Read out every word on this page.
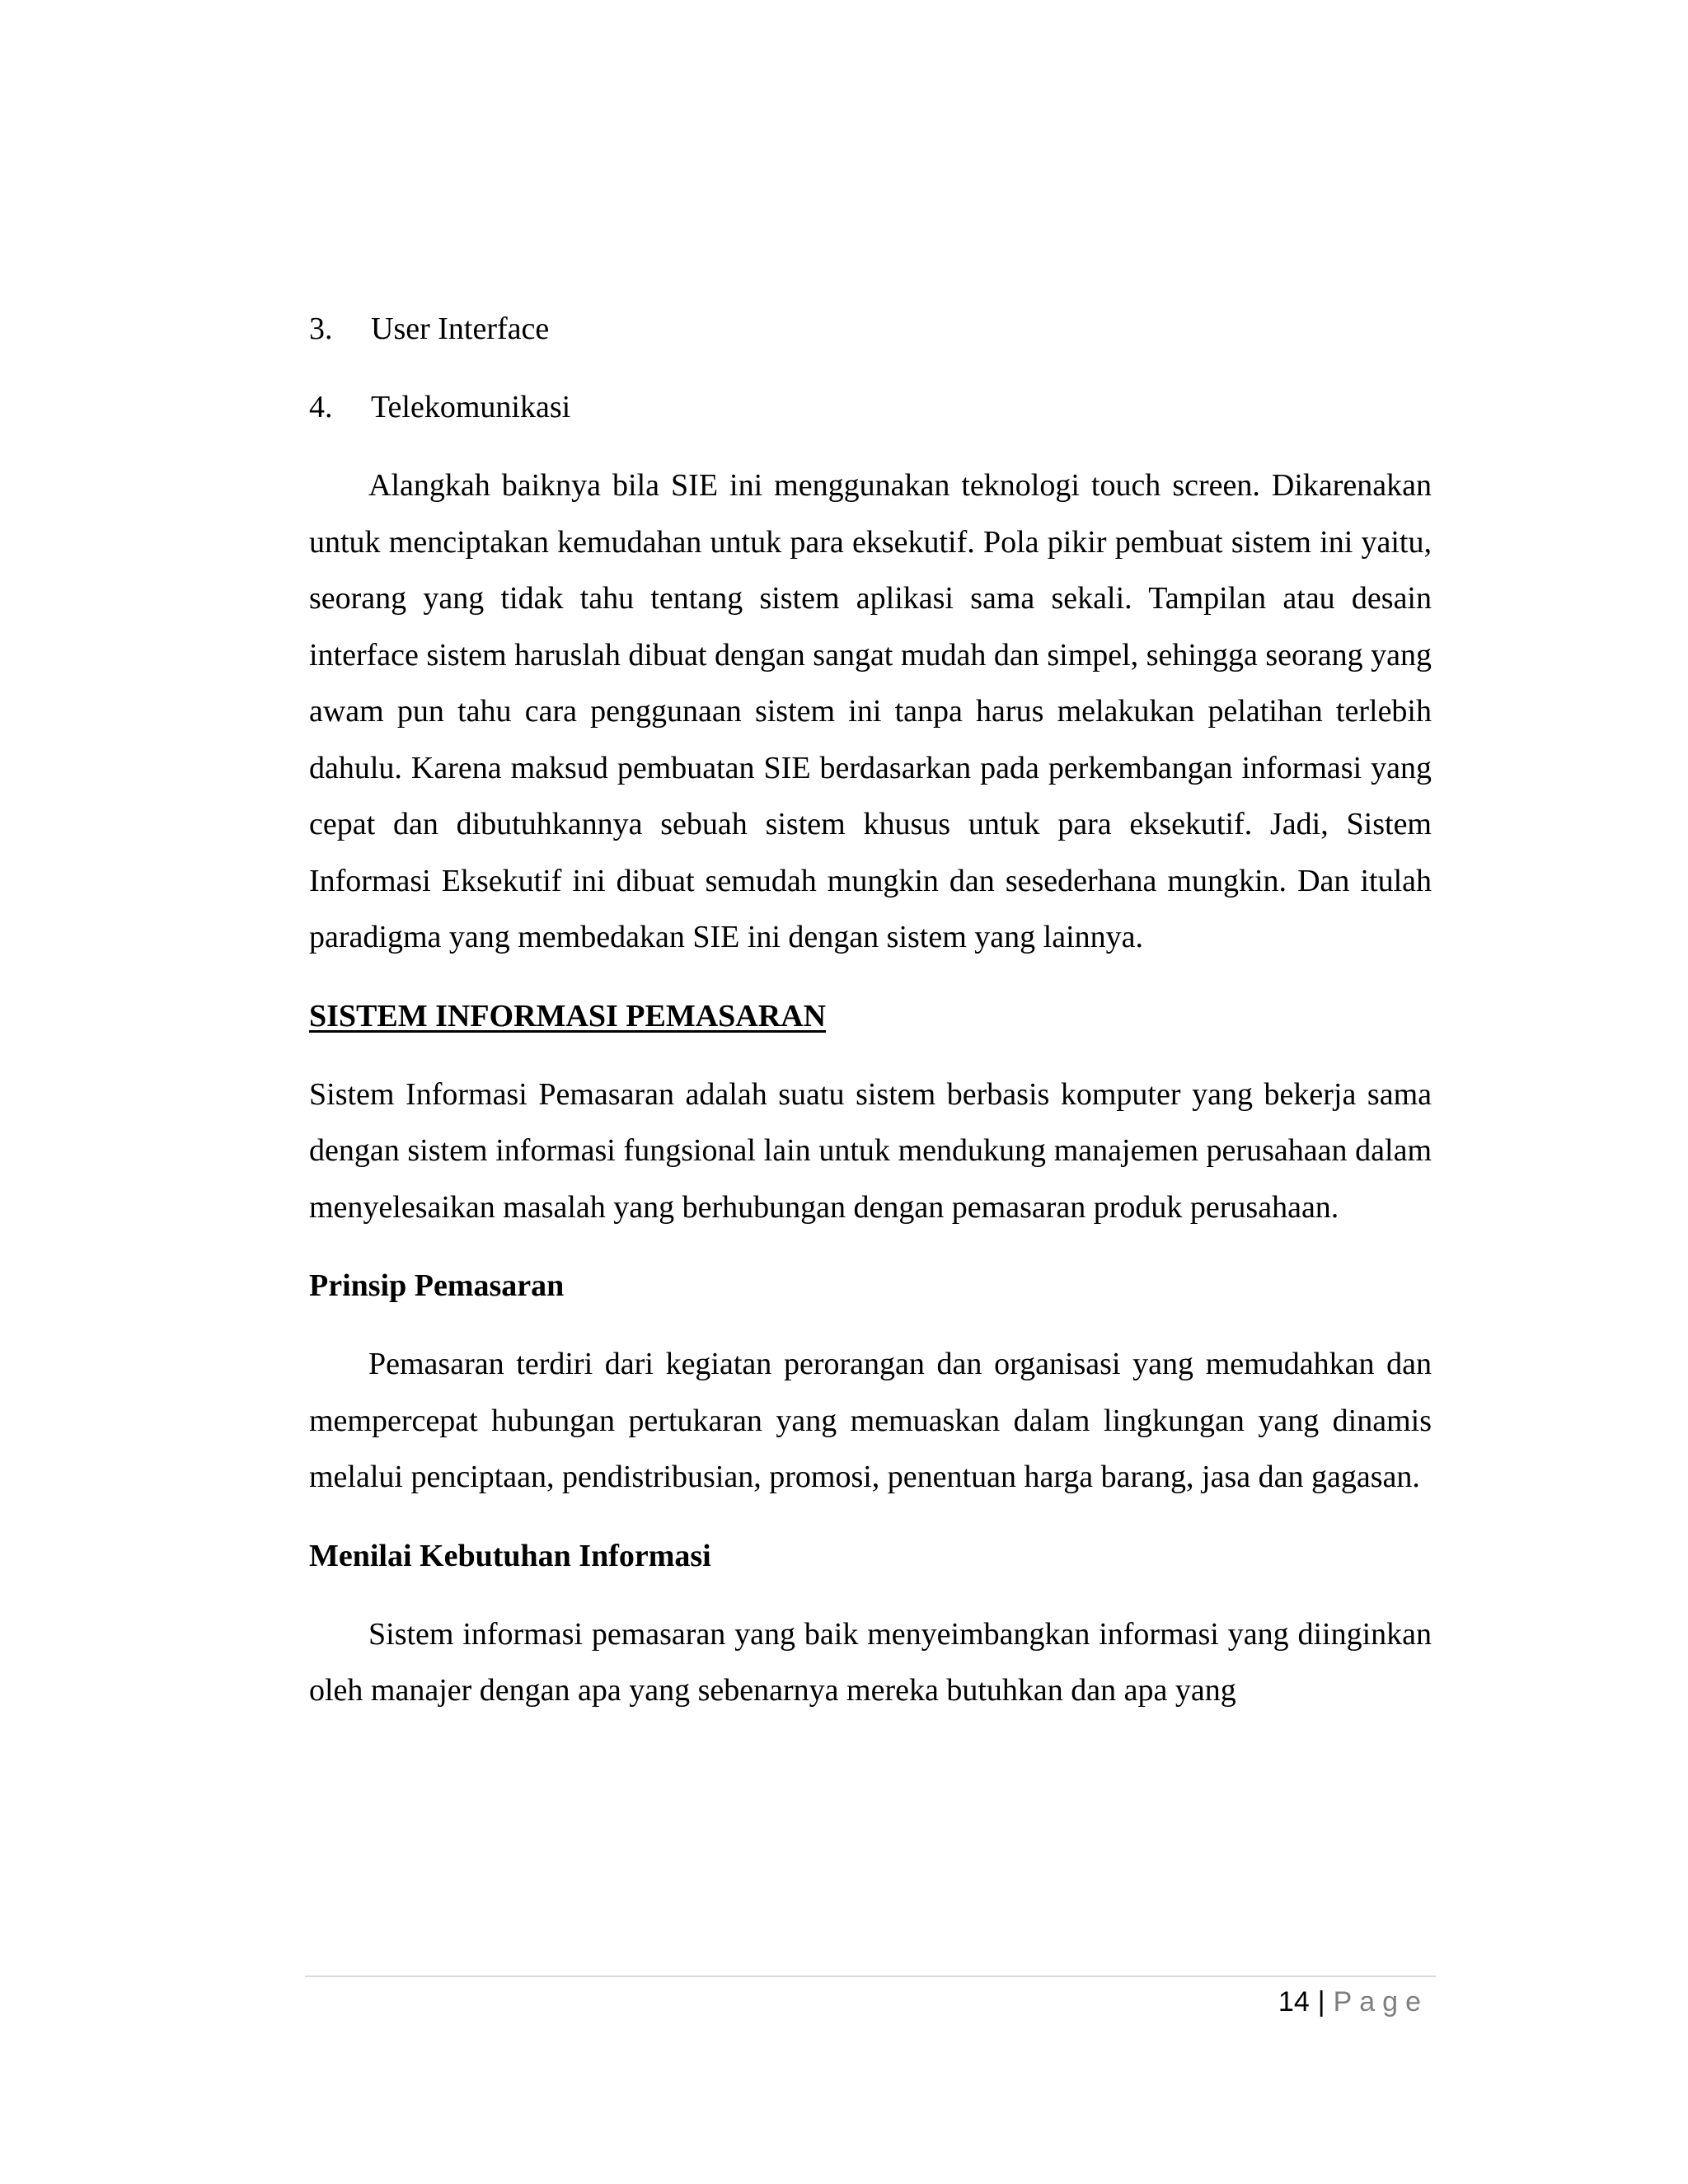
3.	User Interface
4.	Telekomunikasi

Alangkah baiknya bila SIE ini menggunakan teknologi touch screen. Dikarenakan untuk menciptakan kemudahan untuk para eksekutif. Pola pikir pembuat sistem ini yaitu, seorang yang tidak tahu tentang sistem aplikasi sama sekali. Tampilan atau desain interface sistem haruslah dibuat dengan sangat mudah dan simpel, sehingga seorang yang awam pun tahu cara penggunaan sistem ini tanpa harus melakukan pelatihan terlebih dahulu. Karena maksud pembuatan SIE berdasarkan pada perkembangan informasi yang cepat dan dibutuhkannya sebuah sistem khusus untuk para eksekutif. Jadi, Sistem Informasi Eksekutif ini dibuat semudah mungkin dan sesederhana mungkin. Dan itulah paradigma yang membedakan SIE ini dengan sistem yang lainnya.

SISTEM INFORMASI PEMASARAN

Sistem Informasi Pemasaran adalah suatu sistem berbasis komputer yang bekerja sama dengan sistem informasi fungsional lain untuk mendukung manajemen perusahaan dalam menyelesaikan masalah yang berhubungan dengan pemasaran produk perusahaan.

Prinsip Pemasaran

Pemasaran terdiri dari kegiatan perorangan dan organisasi yang memudahkan dan mempercepat hubungan pertukaran yang memuaskan dalam lingkungan yang dinamis melalui penciptaan, pendistribusian, promosi, penentuan harga barang, jasa dan gagasan.

Menilai Kebutuhan Informasi

Sistem informasi pemasaran yang baik menyeimbangkan informasi yang diinginkan oleh manajer dengan apa yang sebenarnya mereka butuhkan dan apa yang

14 | Page
